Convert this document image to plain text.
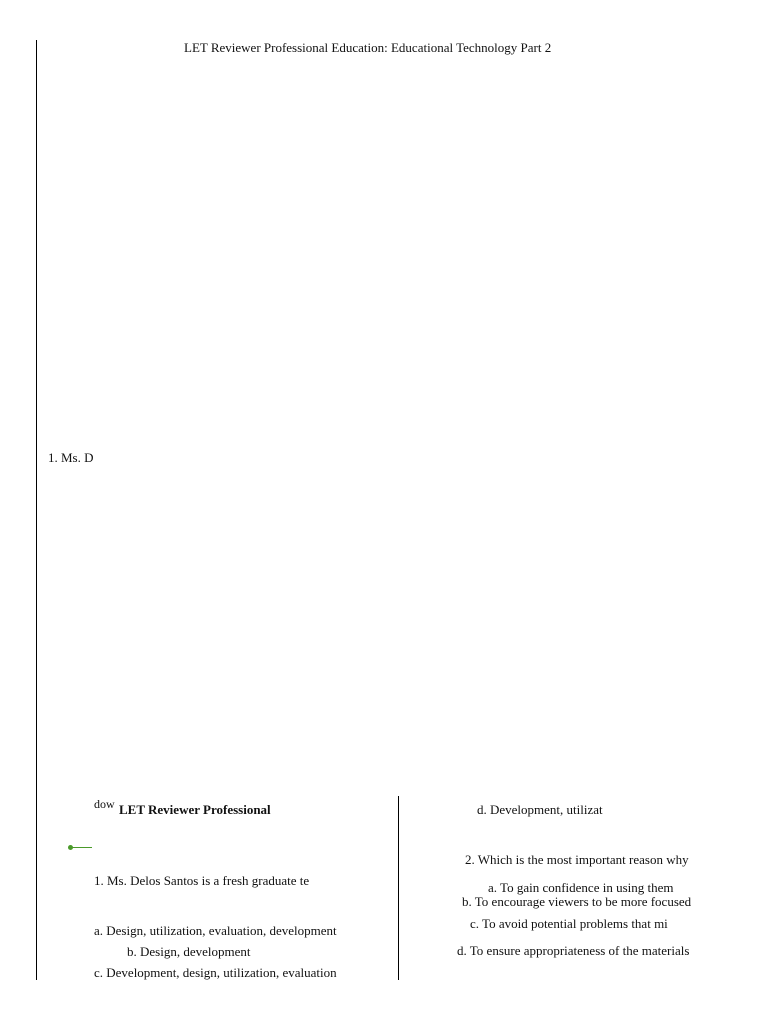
LET Reviewer Professional Education: Educational Technology Part 2
1. Ms. D
dow LET Reviewer Professional
1. Ms. Delos Santos is a fresh graduate te
a. Design, utilization, evaluation, development
b. Design, development
c. Development, design, utilization, evaluation
d. Development, utilizat
2. Which is the most important reason why
a. To gain confidence in using them
b. To encourage viewers to be more focused
c. To avoid potential problems that mi
d. To ensure appropriateness of the materials
